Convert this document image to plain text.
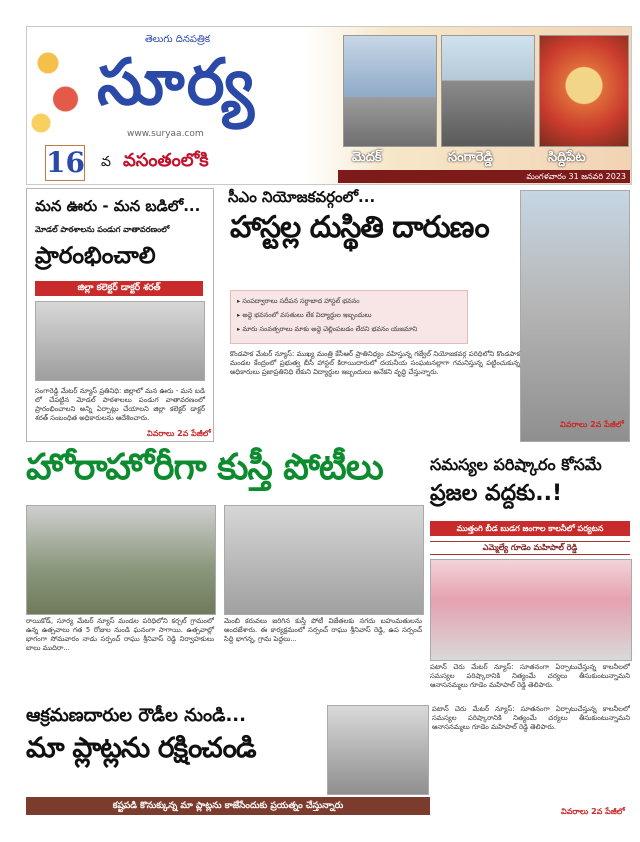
తెలుగు దినపత్రిక
సూర్య
www.suryaa.com
16 వ వసంతంలోకి	మెదక్	సంగారెడ్డి	సిద్దిపేట
మంగళవారం 31 జనవరి 2023
మన ఊరు - మన బడిలో...
మోడల్ పాఠశాలను పండుగ వాతావరణంలో
ప్రారంభించాలి
జిల్లా కలెక్టర్ డాక్టర్ శరత్
సంగారెడ్డి మేటర్ న్యూస్ ప్రతినిధి: జిల్లాలో మన ఊరు - మన బడి లో చేపట్టిన మోడల్ పాఠశాలలు పండుగ వాతావరణంలో ప్రారంభించాలని అన్ని ఏర్పాట్లు చేయాలని జిల్లా కలెక్టర్ డాక్టర్ శరత్ సంబంధిత అధికారులను ఆదేశించారు.
వివరాలు 2వ పేజీలో
సీఎం నియోజకవర్గంలో...
హాస్టల్ల దుస్థితి దారుణం
▸ సంపద్వారాలు సదీపన సర్దాబాద హాస్టల్ భవనం
▸ అద్దె భవనంలో వసతులు లేక విద్యార్థుల ఇబ్బందులు
▸ మారు సంవత్సరాలు మాకు అద్దె చెల్లింపబడం లేదని భవనం యజమాని
కొండపాక మేటర్ న్యూస్: ముఖ్య మంత్రి కేసీఆర్ ప్రాతినిధ్యం వహిస్తున్న గజ్వేల్ నియోజకవర్గ పరిధిలోని కొండపాక మండల కేంద్రంలో ప్రభుత్వ బీసీ హాస్టల్ కిరాయిదారులో దయనీయ సంఘటనల్లాగా గమనిస్తున్న పట్టించుకున్న అధికారులు ప్రజాప్రతినిధి లేకుని విద్యార్థుల ఇబ్బందులు అనేకని వృద్ధి చేస్తున్నారు.
వివరాలు 2వ పేజీలో
హోరాహోరీగా కుస్తీ పోటీలు
రాయికోడ్, సూర్య మేటర్ న్యూస్ మండల పరిధిలోని కర్చల్ గ్రామంలో ఉన్న ఉత్సవాలు గత 5 రోజుల నుండి ఘనంగా సాగాయి. ఉత్సవాల్లో భాగంగా సోమవారం నాడు సర్పంచ్ రాఘు శ్రీనివాస్ రెడ్డి నిర్వాహకులు బాలు ముదిరా...
మెంబి కరువలు జరిగిన కుస్తీ పోటీ విజేతలకు నగదు బహుమతులను అందజేశారు. ఈ కార్యక్రమంలో సర్పంచ్ రాఘు శ్రీనివాస్ రెడ్డి, ఉప సర్పంచ్ సిద్ది భాగన్న, గ్రామ పెద్దలు...
సమస్యల పరిష్కారం కోసమే
ప్రజల వద్దకు..!
ముత్తంగి బీడ బుడగ జంగాల కాలనీలో పర్యటన
ఎమ్మెల్యే గూడెం మహిపాల్ రెడ్డి
పటాన్ చెరు మేటర్ న్యూస్: సూతనంగా ఏర్పాటుచేస్తున్న కాలనీలలో సమస్యల పరిష్కారానికి నిత్యంమే చర్యలు తీసుకుంటున్నామని ఆనాసనమ్మలు గూడెం మహిపాల్ రెడ్డి తెలిపారు.
ఆక్రమణదారుల రౌడీల నుండి...
మా ప్లాట్లను రక్షించండి
కష్టపడి కొనుక్కున్న మా ప్లాట్లను కాజేసేందుకు ప్రయత్నం చేస్తున్నారు
పటాన్ చెరు మేటర్ న్యూస్: సూతనంగా ఏర్పాటుచేస్తున్న కాలనీలలో సమస్యల పరిష్కారానికి నిత్యంమే చర్యలు తీసుకుంటున్నామని ఆనాసనమ్మలు గూడెం మహిపాల్ రెడ్డి తెలిపారు.
వివరాలు 2వ పేజీలో
